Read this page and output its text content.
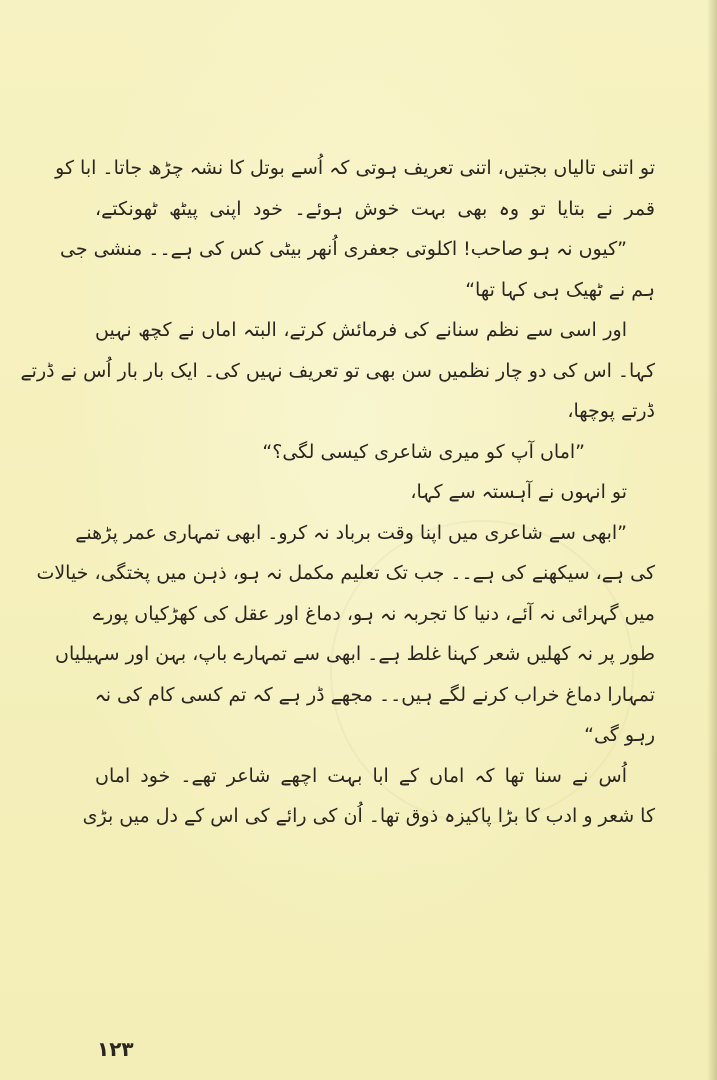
تو اتنی تالیاں بجتیں، اتنی تعریف ہوتی کہ اُسے بوتل کا نشہ چڑھ جاتا۔ ابا کو
قمر نے بتایا تو وہ بھی بہت خوش ہوئے۔ خود اپنی پیٹھ ٹھونکتے،
”کیوں نہ ہو صاحب! اکلوتی جعفری اُنھر بیٹی کس کی ہے۔۔ منشی جی
ہم نے ٹھیک ہی کہا تھا“
اور اسی سے نظم سنانے کی فرمائش کرتے، البتہ اماں نے کچھ نہیں
کہا۔ اس کی دو چار نظمیں سن بھی تو تعریف نہیں کی۔ ایک بار بار اُس نے ڈرتے
ڈرتے پوچھا،
”اماں آپ کو میری شاعری کیسی لگی؟“
تو انہوں نے آہستہ سے کہا،
”ابھی سے شاعری میں اپنا وقت برباد نہ کرو۔ ابھی تمہاری عمر پڑھنے
کی ہے، سیکھنے کی ہے۔۔ جب تک تعلیم مکمل نہ ہو، ذہن میں پختگی، خیالات
میں گہرائی نہ آئے، دنیا کا تجربہ نہ ہو، دماغ اور عقل کی کھڑکیاں پورے
طور پر نہ کھلیں شعر کہنا غلط ہے۔ ابھی سے تمہارے باپ، بہن اور سہیلیاں
تمہارا دماغ خراب کرنے لگے ہیں۔۔ مجھے ڈر ہے کہ تم کسی کام کی نہ
رہو گی“
اُس نے سنا تھا کہ اماں کے ابا بہت اچھے شاعر تھے۔ خود اماں
کا شعر و ادب کا بڑا پاکیزہ ذوق تھا۔ اُن کی رائے کی اس کے دل میں بڑی
۱۲۳
